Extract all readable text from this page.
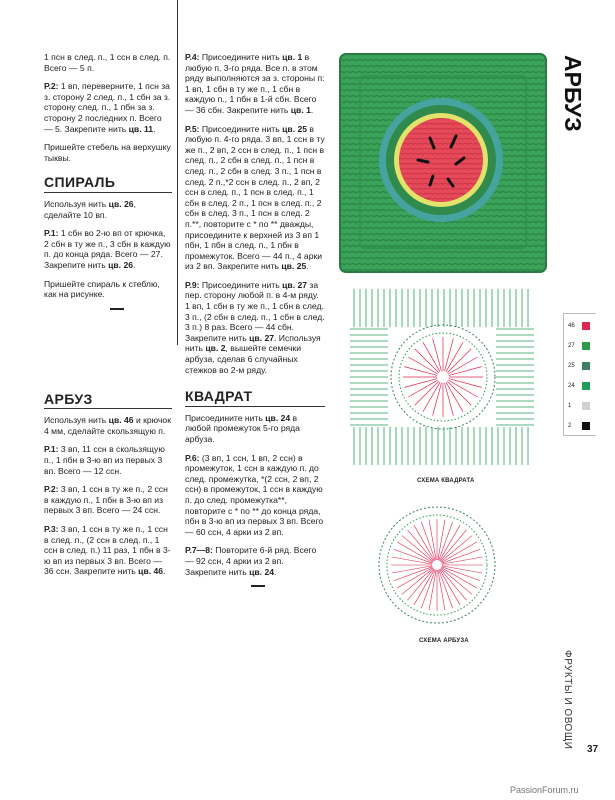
1 псн в след. п., 1 ссн в след. п. Всего — 5 п.

Р.2: 1 вп, переверните, 1 псн за з. сторону 2 след. п., 1 сбн за з. сторону след. п., 1 пбн за з. сторону 2 последних п. Всего — 5. Закрепите нить цв. 11.

Пришейте стебель на верхушку тыквы.

СПИРАЛЬ

Используя нить цв. 26, сделайте 10 вп.

Р.1: 1 сбн во 2-ю вп от крючка, 2 сбн в ту же п., 3 сбн в каждую п. до конца ряда. Всего — 27. Закрепите нить цв. 26.

Пришейте спираль к стеблю, как на рисунке.

АРБУЗ

Используя нить цв. 46 и крючок 4 мм, сделайте скользящую п.

Р.1: 3 вп, 11 ссн в скользящую п., 1 пбн в 3-ю вп из первых 3 вп. Всего — 12 ссн.

Р.2: 3 вп, 1 ссн в ту же п., 2 ссн в каждую п., 1 пбн в 3-ю вп из первых 3 вп. Всего — 24 ссн.

Р.3: 3 вп, 1 ссн в ту же п., 1 ссн в след. п., (2 ссн в след. п., 1 ссн в след. п.) 11 раз, 1 пбн в 3-ю вп из первых 3 вп. Всего — 36 ссн. Закрепите нить цв. 46.

Р.4: Присоедините нить цв. 1 в любую п. 3-го ряда. Все п. в этом ряду выполняются за з. стороны п: 1 вп, 1 сбн в ту же п., 1 сбн в каждую п., 1 пбн в 1-й сбн. Всего — 36 сбн. Закрепите нить цв. 1.

Р.5: Присоедините нить цв. 25 в любую п. 4-го ряда. 3 вп, 1 ссн в ту же п., 2 вп, 2 ссн в след. п., 1 псн в след. п., 2 сбн в след. п., 1 псн в след. п., 2 сбн в след. 3 п., 1 псн в след. 2 п.,*2 ссн в след. п., 2 вп, 2 ссн в след. п., 1 псн в след. п., 1 сбн в след. 2 п., 1 псн в след. п., 2 сбн в след. 3 п., 1 псн в след. 2 п.**, повторите с * по ** дважды, присоедините к верхней из 3 вп 1 пбн, 1 пбн в след. п., 1 пбн в промежуток. Всего — 44 п., 4 арки из 2 вп. Закрепите нить цв. 25.

Р.9: Присоедините нить цв. 27 за пер. сторону любой п. в 4-м ряду. 1 вп, 1 сбн в ту же п., 1 сбн в след. 3 п., (2 сбн в след. п., 1 сбн в след. 3 п.) 8 раз. Всего — 44 сбн. Закрепите нить цв. 27. Используя нить цв. 2, вышейте семечки арбуза, сделав 6 случайных стежков во 2-м ряду.

КВАДРАТ

Присоедините нить цв. 24 в любой промежуток 5-го ряда арбуза.

Р.6: (3 вп, 1 ссн, 1 вп, 2 ссн) в промежуток, 1 ссн в каждую п. до след. промежутка, *(2 ссн, 2 вп, 2 ссн) в промежуток, 1 ссн в каждую п. до след. промежутка**, повторите с * по ** до конца ряда, пбн в 3-ю вп из первых 3 вп. Всего — 60 ссн, 4 арки из 2 вп.

Р.7—8: Повторите 6-й ряд. Всего — 92 ссн, 4 арки из 2 вп. Закрепите нить цв. 24.

АРБУЗ
СХЕМА КВАДРАТА
СХЕМА АРБУЗА
46
27
25
24
1
2
ФРУКТЫ И ОВОЩИ
37
PassionForum.ru
